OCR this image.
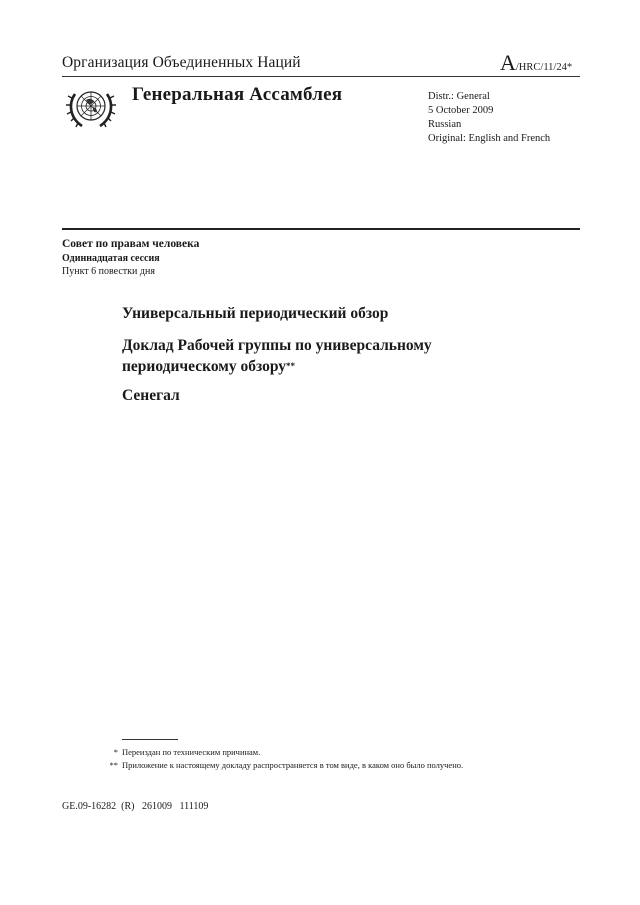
Организация Объединенных Наций	A/HRC/11/24*
Генеральная Ассамблея	Distr.: General
5 October 2009
Russian
Original: English and French
Совет по правам человека
Одиннадцатая сессия
Пункт 6 повестки дня
Универсальный периодический обзор
Доклад Рабочей группы по универсальному периодическому обзору**
Сенегал
* Переиздан по техническим причинам.
** Приложение к настоящему докладу распространяется в том виде, в каком оно было получено.
GE.09-16282  (R)   261009   111109
